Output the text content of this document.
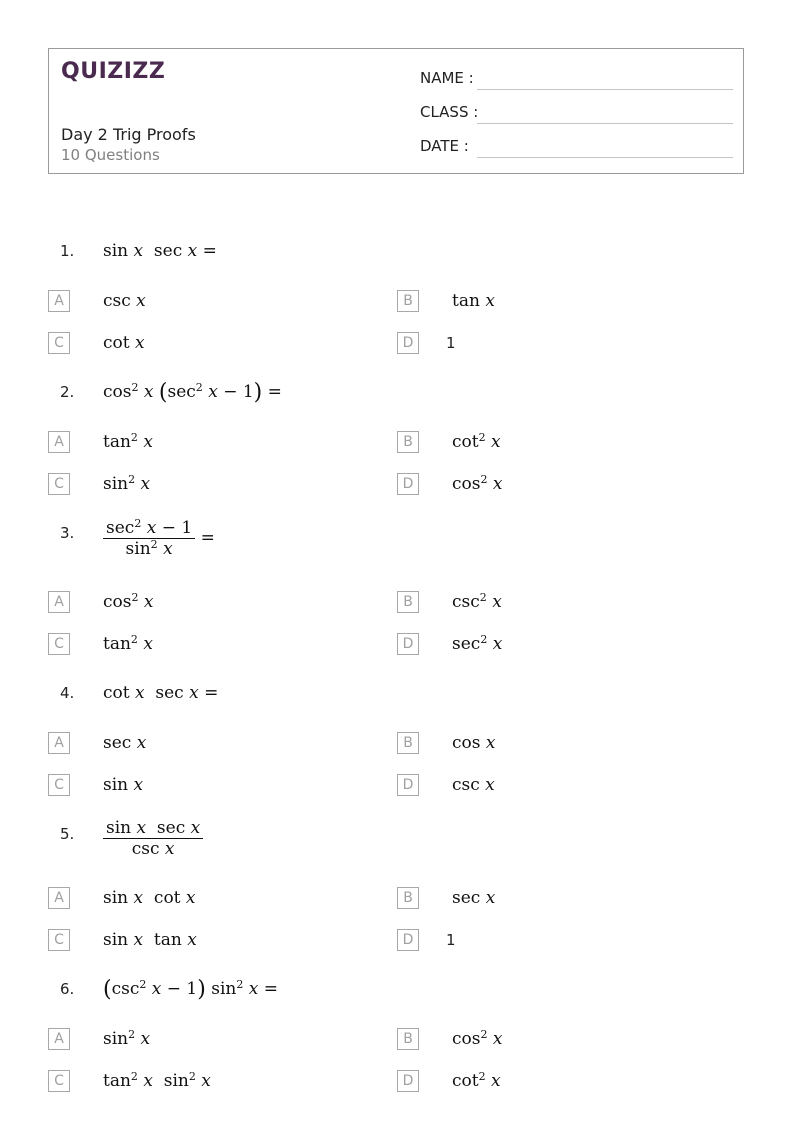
QUIZIZZ
Day 2 Trig Proofs
10 Questions
NAME :
CLASS :
DATE :
1. sin x  sec x =
A	csc x	B	tan x
C	cot x	D	1
2. $\cos^2 x$ ($\sec^2$ x − 1) =
A	$\tan^2 x$	B	$\cot^2 x$
C	$\sin^2 x$	D	$\cos^2 x$
3. $\frac{\sec^2 x - 1}{\sin^2 x}$ =
A	$\cos^2 x$	B	$\csc^2 x$
C	$\tan^2 x$	D	$\sec^2 x$
4. cot x  sec x =
A	sec x	B	cos x
C	sin x	D	csc x
5. $\frac{\text{sin x  sec x}}{\text{csc x}}$
A	sin x  cot x	B	sec x
C	sin x  tan x	D	1
6. ($\csc^2$ x − 1) $\sin^2 x$ =
A	$\sin^2 x$	B	$\cos^2 x$
C	$\tan^2 x$  $\sin^2 x$	D	$\cot^2 x$
